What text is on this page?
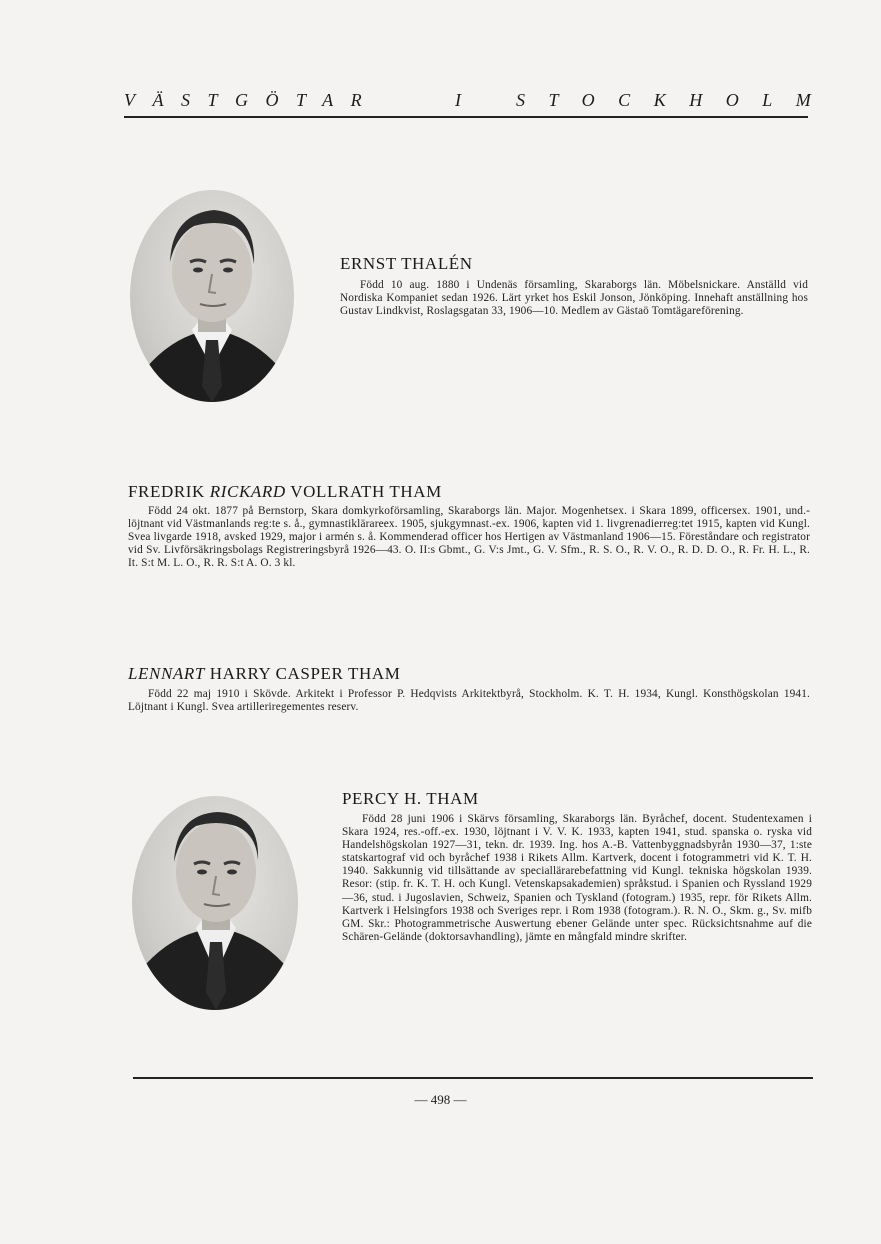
VÄSTGÖTAR	I	STOCKHOLM
ERNST THALÉN
Född 10 aug. 1880 i Undenäs församling, Skaraborgs län. Möbelsnickare. Anställd vid Nordiska Kompaniet sedan 1926. Lärt yrket hos Eskil Jonson, Jönköping. Innehaft anställning hos Gustav Lindkvist, Roslagsgatan 33, 1906—10. Medlem av Gästaö Tomtägareförening.
FREDRIK RICKARD VOLLRATH THAM
Född 24 okt. 1877 på Bernstorp, Skara domkyrkoförsamling, Skaraborgs län. Major. Mogenhetsex. i Skara 1899, officersex. 1901, und.-löjtnant vid Västmanlands reg:te s. å., gymnastiklärareex. 1905, sjukgymnast.-ex. 1906, kapten vid 1. livgrenadierreg:tet 1915, kapten vid Kungl. Svea livgarde 1918, avsked 1929, major i armén s. å. Kommenderad officer hos Hertigen av Västmanland 1906—15. Föreståndare och registrator vid Sv. Livförsäkringsbolags Registreringsbyrå 1926—43. O. II:s Gbmt., G. V:s Jmt., G. V. Sfm., R. S. O., R. V. O., R. D. D. O., R. Fr. H. L., R. It. S:t M. L. O., R. R. S:t A. O. 3 kl.
LENNART HARRY CASPER THAM
Född 22 maj 1910 i Skövde. Arkitekt i Professor P. Hedqvists Arkitektbyrå, Stockholm. K. T. H. 1934, Kungl. Konsthögskolan 1941. Löjtnant i Kungl. Svea artilleriregementes reserv.
PERCY H. THAM
Född 28 juni 1906 i Skärvs församling, Skaraborgs län. Byråchef, docent. Studentexamen i Skara 1924, res.-off.-ex. 1930, löjtnant i V. V. K. 1933, kapten 1941, stud. spanska o. ryska vid Handelshögskolan 1927—31, tekn. dr. 1939. Ing. hos A.-B. Vattenbyggnadsbyrån 1930—37, 1:ste statskartograf vid och byråchef 1938 i Rikets Allm. Kartverk, docent i fotogrammetri vid K. T. H. 1940. Sakkunnig vid tillsättande av speciallärarebefattning vid Kungl. tekniska högskolan 1939. Resor: (stip. fr. K. T. H. och Kungl. Vetenskapsakademien) språkstud. i Spanien och Ryssland 1929—36, stud. i Jugoslavien, Schweiz, Spanien och Tyskland (fotogram.) 1935, repr. för Rikets Allm. Kartverk i Helsingfors 1938 och Sveriges repr. i Rom 1938 (fotogram.). R. N. O., Skm. g., Sv. mifb GM. Skr.: Photogrammetrische Auswertung ebener Gelände unter spec. Rücksichtsnahme auf die Schären-Gelände (doktorsavhandling), jämte en mångfald mindre skrifter.
— 498 —
